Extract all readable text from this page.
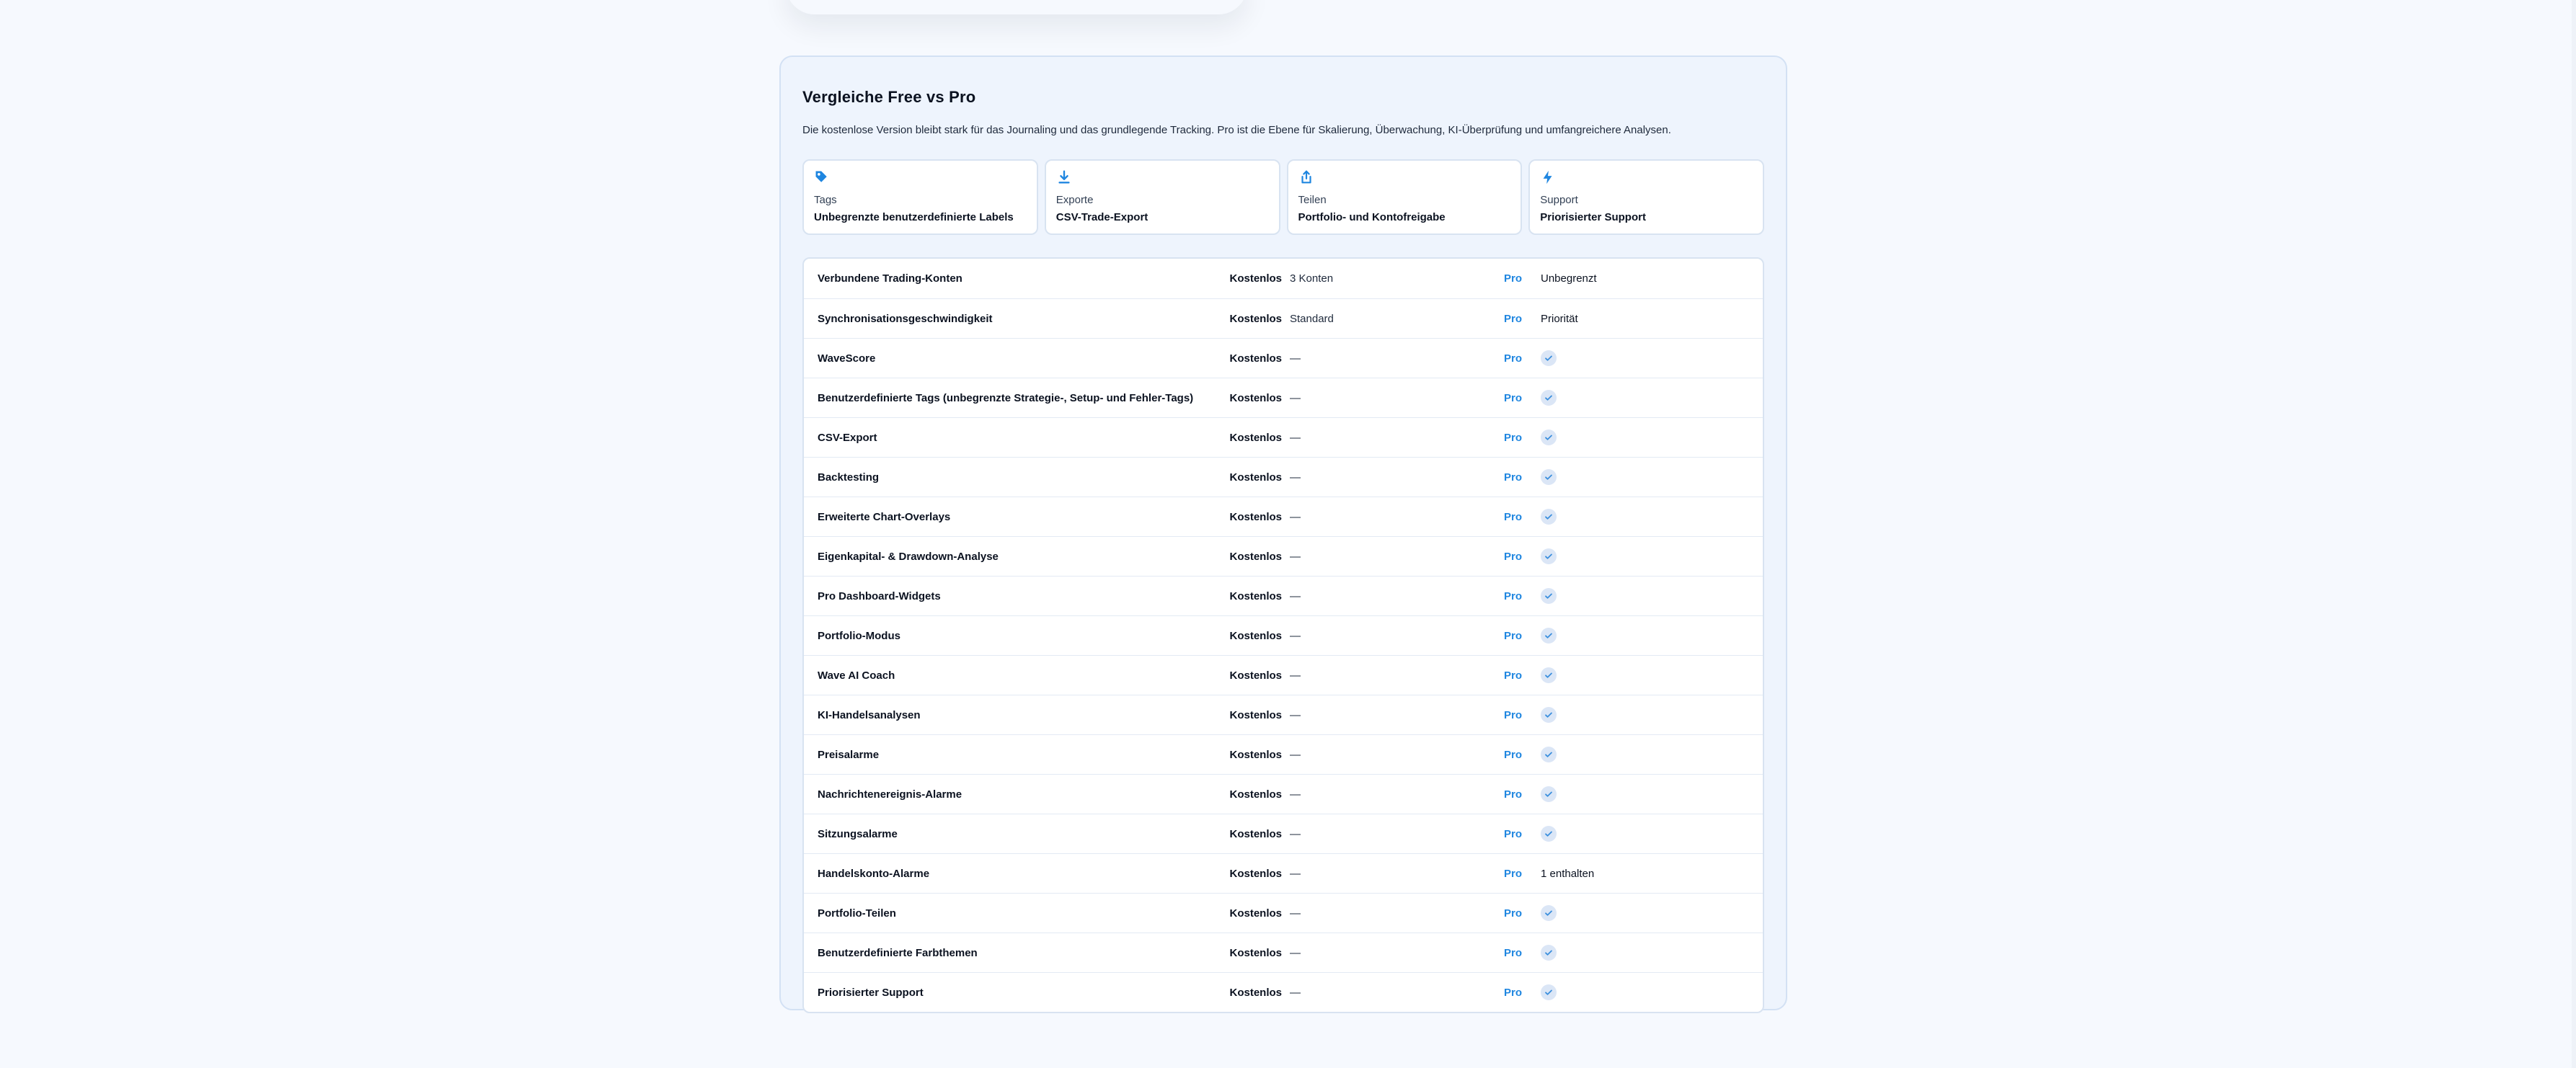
Vergleiche Free vs Pro

Die kostenlose Version bleibt stark für das Journaling und das grundlegende Tracking. Pro ist die Ebene für Skalierung, Überwachung, KI-Überprüfung und umfangreichere Analysen.

Tags
Unbegrenzte benutzerdefinierte Labels
Exporte
CSV-Trade-Export
Teilen
Portfolio- und Kontofreigabe
Support
Priorisierter Support
Verbundene Trading-Konten	Kostenlos 3 Konten	Pro	Unbegrenzt
Synchronisationsgeschwindigkeit	Kostenlos Standard	Pro	Priorität
WaveScore	Kostenlos —	Pro
Benutzerdefinierte Tags (unbegrenzte Strategie-, Setup- und Fehler-Tags)	Kostenlos —	Pro
CSV-Export	Kostenlos —	Pro
Backtesting	Kostenlos —	Pro
Erweiterte Chart-Overlays	Kostenlos —	Pro
Eigenkapital- & Drawdown-Analyse	Kostenlos —	Pro
Pro Dashboard-Widgets	Kostenlos —	Pro
Portfolio-Modus	Kostenlos —	Pro
Wave AI Coach	Kostenlos —	Pro
KI-Handelsanalysen	Kostenlos —	Pro
Preisalarme	Kostenlos —	Pro
Nachrichtenereignis-Alarme	Kostenlos —	Pro
Sitzungsalarme	Kostenlos —	Pro
Handelskonto-Alarme	Kostenlos —	Pro	1 enthalten
Portfolio-Teilen	Kostenlos —	Pro
Benutzerdefinierte Farbthemen	Kostenlos —	Pro
Priorisierter Support	Kostenlos —	Pro
